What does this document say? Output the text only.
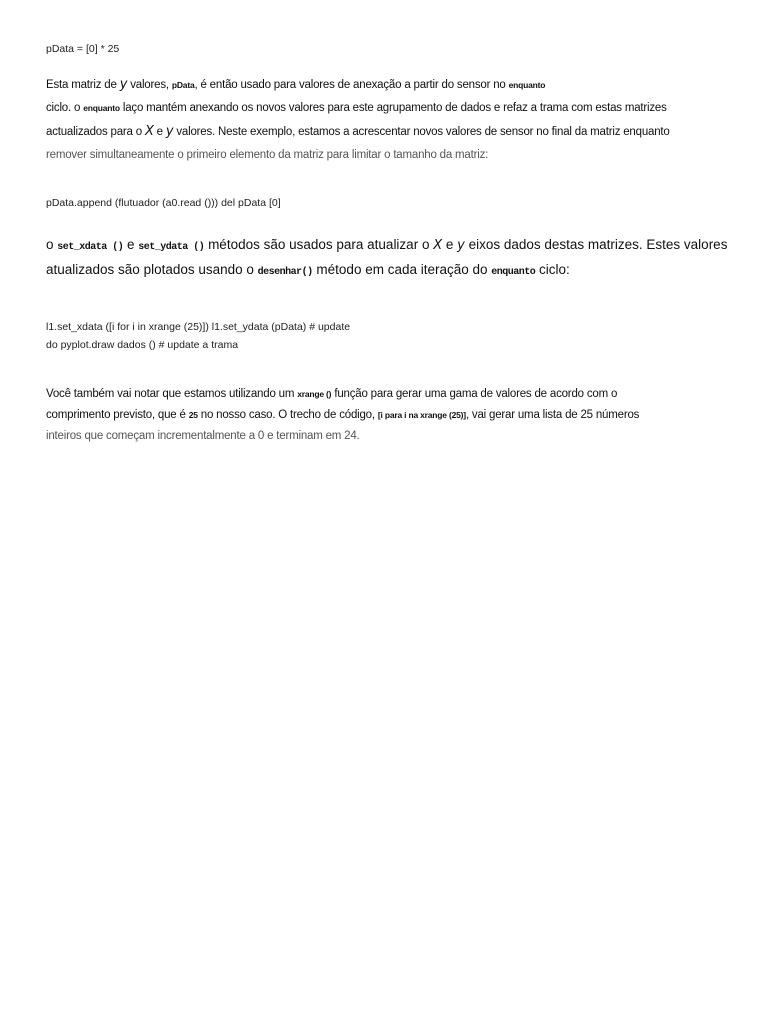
pData = [0] * 25
Esta matriz de y valores, pData, é então usado para valores de anexação a partir do sensor no enquanto
ciclo. o enquanto laço mantém anexando os novos valores para este agrupamento de dados e refaz a trama com estas matrizes
actualizados para o X e y valores. Neste exemplo, estamos a acrescentar novos valores de sensor no final da matriz enquanto
remover simultaneamente o primeiro elemento da matriz para limitar o tamanho da matriz:
pData.append (flutuador (a0.read ())) del pData [0]
o set_xdata () e set_ydata () métodos são usados para atualizar o X e y eixos dados destas matrizes. Estes valores
atualizados são plotados usando o desenhar() método em cada iteração do enquanto ciclo:
l1.set_xdata ([i for i in xrange (25)]) l1.set_ydata (pData) # update
do pyplot.draw dados () # update a trama
Você também vai notar que estamos utilizando um xrange () função para gerar uma gama de valores de acordo com o
comprimento previsto, que é 25 no nosso caso. O trecho de código, [i para i na xrange (25)], vai gerar uma lista de 25 números
inteiros que começam incrementalmente a 0 e terminam em 24.
